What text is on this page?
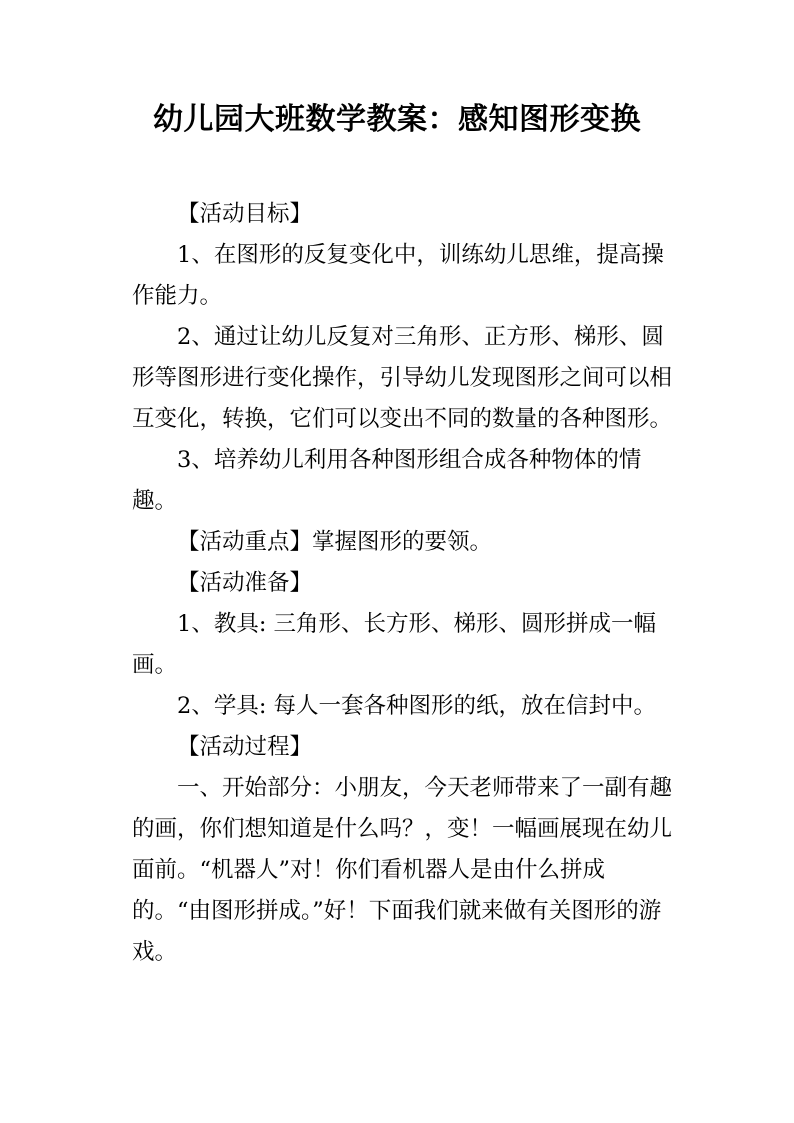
幼儿园大班数学教案：感知图形变换

【活动目标】

1、在图形的反复变化中，训练幼儿思维，提高操作能力。

2、通过让幼儿反复对三角形、正方形、梯形、圆形等图形进行变化操作，引导幼儿发现图形之间可以相互变化，转换，它们可以变出不同的数量的各种图形。

3、培养幼儿利用各种图形组合成各种物体的情趣。

【活动重点】掌握图形的要领。

【活动准备】

1、教具: 三角形、长方形、梯形、圆形拼成一幅画。

2、学具: 每人一套各种图形的纸，放在信封中。

【活动过程】

一、开始部分：小朋友，今天老师带来了一副有趣的画，你们想知道是什么吗？，变！一幅画展现在幼儿面前。“机器人”对！你们看机器人是由什么拼成的。“由图形拼成。”好！下面我们就来做有关图形的游戏。
